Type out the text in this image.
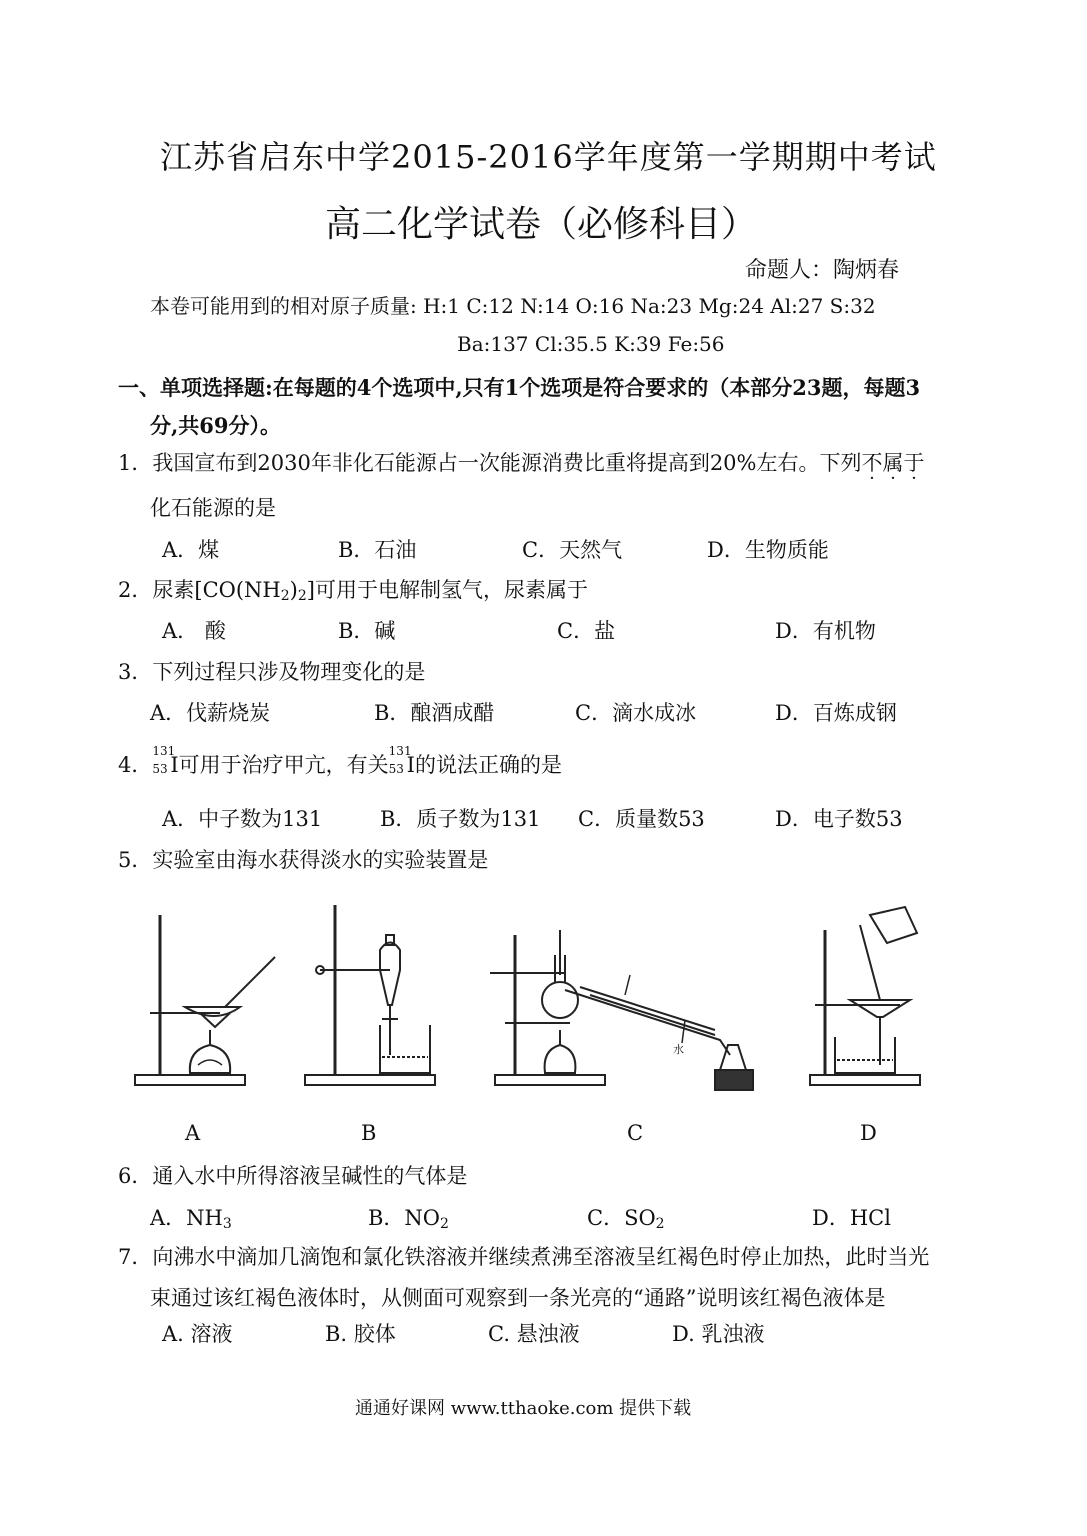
江苏省启东中学2015-2016学年度第一学期期中考试
高二化学试卷（必修科目）
命题人：陶炳春
本卷可能用到的相对原子质量: H:1 C:12 N:14 O:16 Na:23 Mg:24 Al:27 S:32
Ba:137 Cl:35.5 K:39 Fe:56
一、单项选择题:在每题的4个选项中,只有1个选项是符合要求的（本部分23题，每题3
分,共69分）。
1．我国宣布到2030年非化石能源占一次能源消费比重将提高到20%左右。下列不属于
化石能源的是
A．煤	B．石油	C．天然气	D．生物质能
2．尿素$[CO(NH_2)_2]$可用于电解制氢气，尿素属于
A． 酸	B．碱	C．盐	D．有机物
3．下列过程只涉及物理变化的是
A．伐薪烧炭	B．酿酒成醋	C．滴水成冰	D．百炼成钢
4．
131
53 I可用于治疗甲亢，有关
131
53 I的说法正确的是
A．中子数为131	B．质子数为131 C．质量数53	D．电子数53
5．实验室由海水获得淡水的实验装置是
水
A	B	C	D
6．通入水中所得溶液呈碱性的气体是
A．$NH_3$	B．$NO_2$	C．$SO_2$	D．HCl
7．向沸水中滴加几滴饱和氯化铁溶液并继续煮沸至溶液呈红褐色时停止加热，此时当光
束通过该红褐色液体时，从侧面可观察到一条光亮的“通路”说明该红褐色液体是
A. 溶液	B. 胶体	C. 悬浊液	D. 乳浊液
通通好课网 www.tthaoke.com 提供下载
